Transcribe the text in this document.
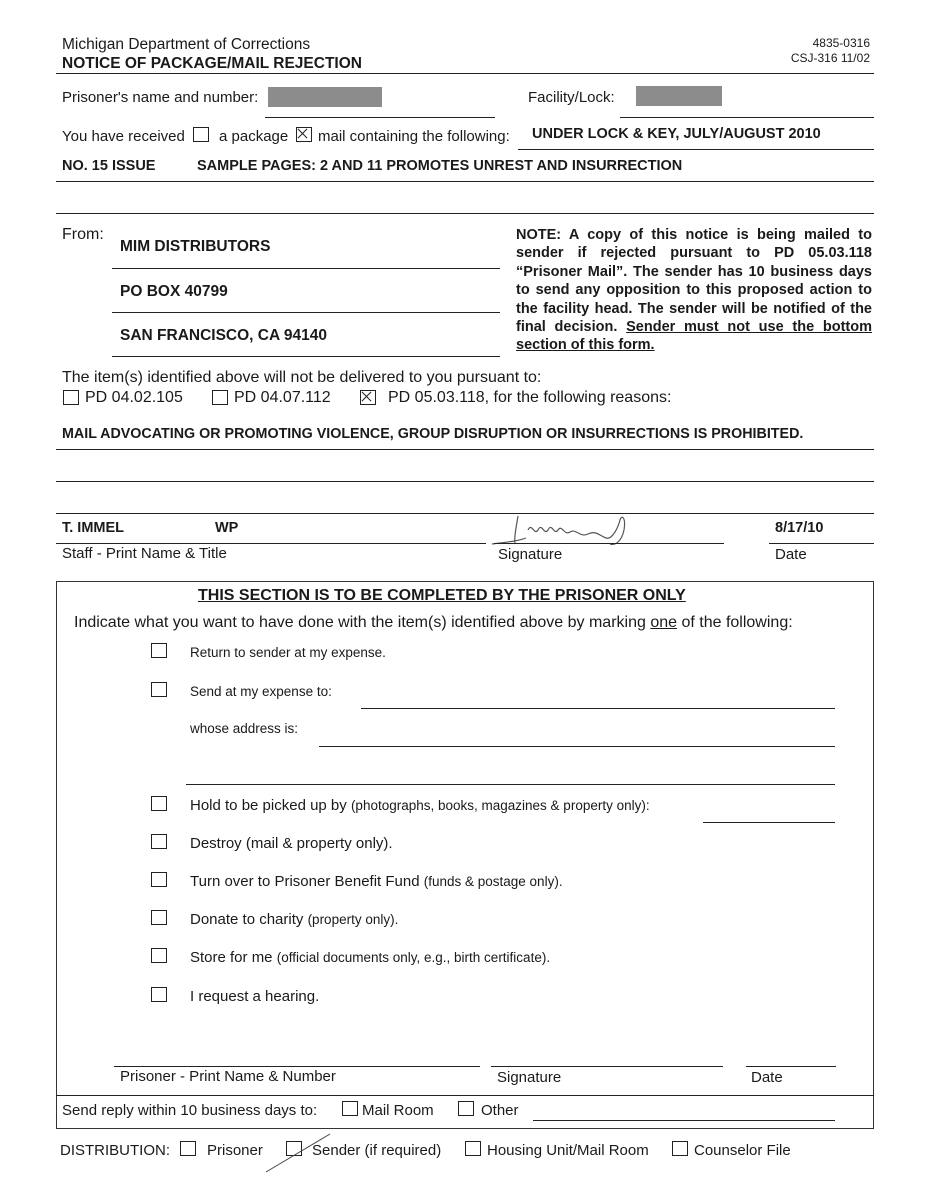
Michigan Department of Corrections
NOTICE OF PACKAGE/MAIL REJECTION
4835-0316
CSJ-316 11/02
Prisoner's name and number:	Facility/Lock:
You have received a package mail containing the following: UNDER LOCK & KEY, JULY/AUGUST 2010
NO. 15 ISSUE	SAMPLE PAGES: 2 AND 11 PROMOTES UNREST AND INSURRECTION
From:
MIM DISTRIBUTORS
PO BOX 40799
SAN FRANCISCO, CA 94140
NOTE: A copy of this notice is being mailed to sender if rejected pursuant to PD 05.03.118 “Prisoner Mail”. The sender has 10 business days to send any opposition to this proposed action to the facility head. The sender will be notified of the final decision. Sender must not use the bottom section of this form.
The item(s) identified above will not be delivered to you pursuant to:
PD 04.02.105	PD 04.07.112	PD 05.03.118, for the following reasons:
MAIL ADVOCATING OR PROMOTING VIOLENCE, GROUP DISRUPTION OR INSURRECTIONS IS PROHIBITED.
T. IMMEL	WP	8/17/10
Staff - Print Name & Title	Signature	Date
THIS SECTION IS TO BE COMPLETED BY THE PRISONER ONLY
Indicate what you want to have done with the item(s) identified above by marking one of the following:
Return to sender at my expense.
Send at my expense to:
whose address is:
Hold to be picked up by (photographs, books, magazines & property only):
Destroy (mail & property only).
Turn over to Prisoner Benefit Fund (funds & postage only).
Donate to charity (property only).
Store for me (official documents only, e.g., birth certificate).
I request a hearing.
Prisoner - Print Name & Number	Signature	Date
Send reply within 10 business days to:	Mail Room	Other
DISTRIBUTION: Prisoner	Sender (if required)	Housing Unit/Mail Room	Counselor File
